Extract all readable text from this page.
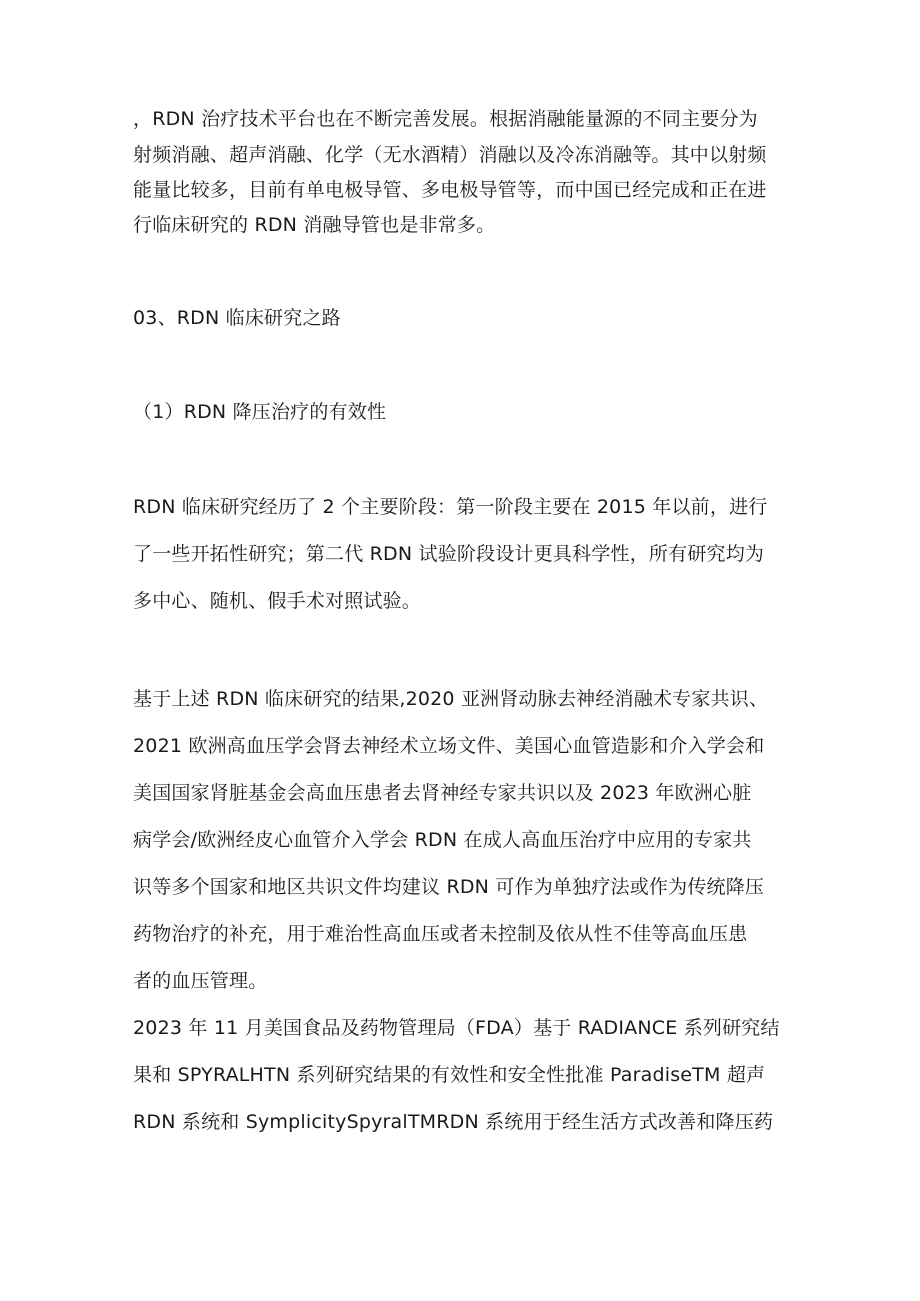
，RDN 治疗技术平台也在不断完善发展。根据消融能量源的不同主要分为

射频消融、超声消融、化学（无水酒精）消融以及冷冻消融等。其中以射频

能量比较多，目前有单电极导管、多电极导管等，而中国已经完成和正在进

行临床研究的 RDN 消融导管也是非常多。

03、RDN 临床研究之路
（1）RDN 降压治疗的有效性

RDN 临床研究经历了 2 个主要阶段：第一阶段主要在 2015 年以前，进行

了一些开拓性研究；第二代 RDN 试验阶段设计更具科学性，所有研究均为

多中心、随机、假手术对照试验。

基于上述 RDN 临床研究的结果,2020 亚洲肾动脉去神经消融术专家共识、

2021 欧洲高血压学会肾去神经术立场文件、美国心血管造影和介入学会和

美国国家肾脏基金会高血压患者去肾神经专家共识以及 2023 年欧洲心脏

病学会/欧洲经皮心血管介入学会 RDN 在成人高血压治疗中应用的专家共

识等多个国家和地区共识文件均建议 RDN 可作为单独疗法或作为传统降压

药物治疗的补充，用于难治性高血压或者未控制及依从性不佳等高血压患

者的血压管理。

2023 年 11 月美国食品及药物管理局（FDA）基于 RADIANCE 系列研究结

果和 SPYRALHTN 系列研究结果的有效性和安全性批准 ParadiseTM 超声

RDN 系统和 SymplicitySpyralTMRDN 系统用于经生活方式改善和降压药
